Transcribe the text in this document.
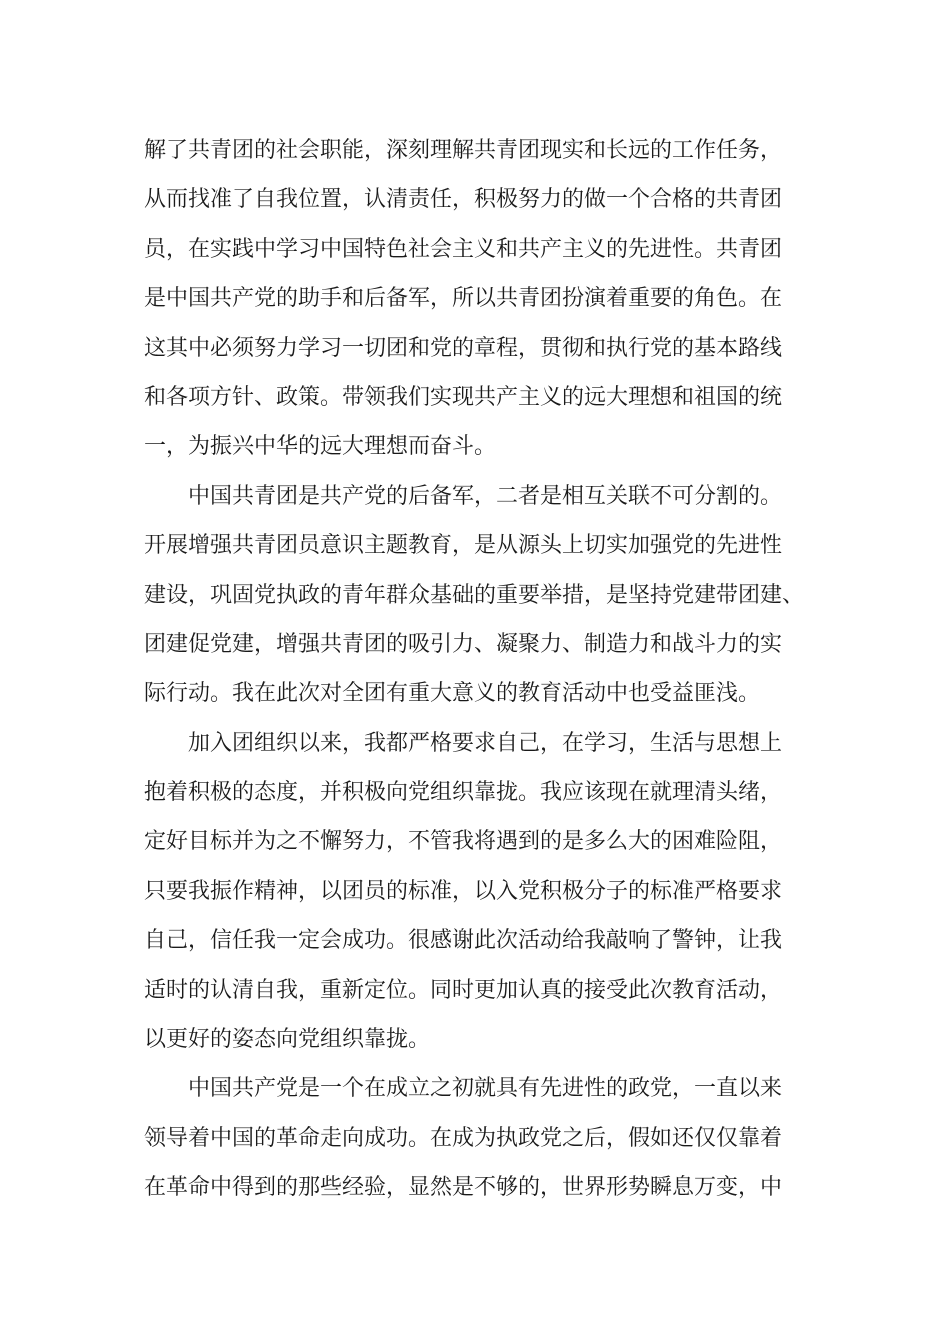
解了共青团的社会职能，深刻理解共青团现实和长远的工作任务，
从而找准了自我位置，认清责任，积极努力的做一个合格的共青团
员，在实践中学习中国特色社会主义和共产主义的先进性。共青团
是中国共产党的助手和后备军，所以共青团扮演着重要的角色。在
这其中必须努力学习一切团和党的章程，贯彻和执行党的基本路线
和各项方针、政策。带领我们实现共产主义的远大理想和祖国的统
一，为振兴中华的远大理想而奋斗。
中国共青团是共产党的后备军，二者是相互关联不可分割的。
开展增强共青团员意识主题教育，是从源头上切实加强党的先进性
建设，巩固党执政的青年群众基础的重要举措，是坚持党建带团建、
团建促党建，增强共青团的吸引力、凝聚力、制造力和战斗力的实
际行动。我在此次对全团有重大意义的教育活动中也受益匪浅。
加入团组织以来，我都严格要求自己，在学习，生活与思想上
抱着积极的态度，并积极向党组织靠拢。我应该现在就理清头绪，
定好目标并为之不懈努力，不管我将遇到的是多么大的困难险阻，
只要我振作精神，以团员的标准，以入党积极分子的标准严格要求
自己，信任我一定会成功。很感谢此次活动给我敲响了警钟，让我
适时的认清自我，重新定位。同时更加认真的接受此次教育活动，
以更好的姿态向党组织靠拢。
中国共产党是一个在成立之初就具有先进性的政党，一直以来
领导着中国的革命走向成功。在成为执政党之后，假如还仅仅靠着
在革命中得到的那些经验，显然是不够的，世界形势瞬息万变，中
